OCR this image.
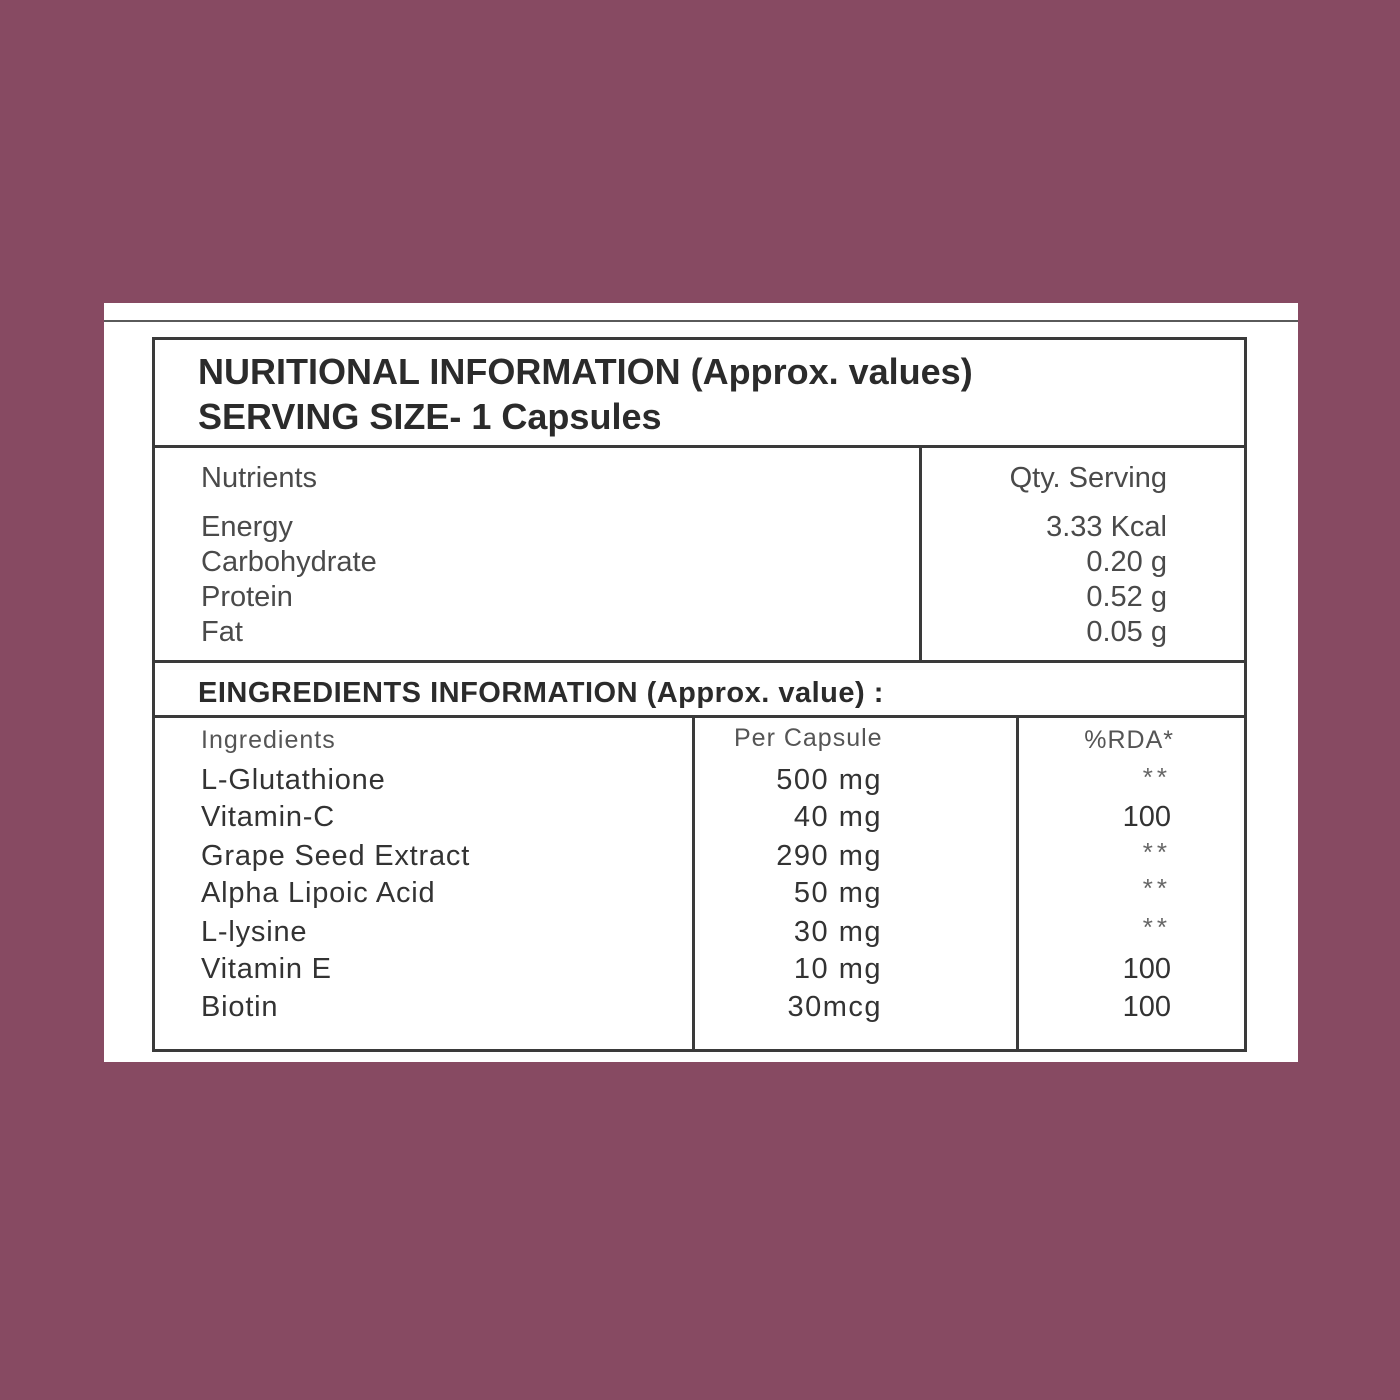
NURITIONAL INFORMATION (Approx. values)
SERVING SIZE- 1 Capsules
Nutrients	Qty. Serving
Energy	3.33 Kcal
Carbohydrate	0.20 g
Protein	0.52 g
Fat	0.05 g
EINGREDIENTS INFORMATION (Approx. value) :
Ingredients	Per Capsule	%RDA*
L-Glutathione	500 mg	**
Vitamin-C	40 mg	100
Grape Seed Extract	290 mg	**
Alpha Lipoic Acid	50 mg	**
L-lysine	30 mg	**
Vitamin E	10 mg	100
Biotin	30mcg	100
